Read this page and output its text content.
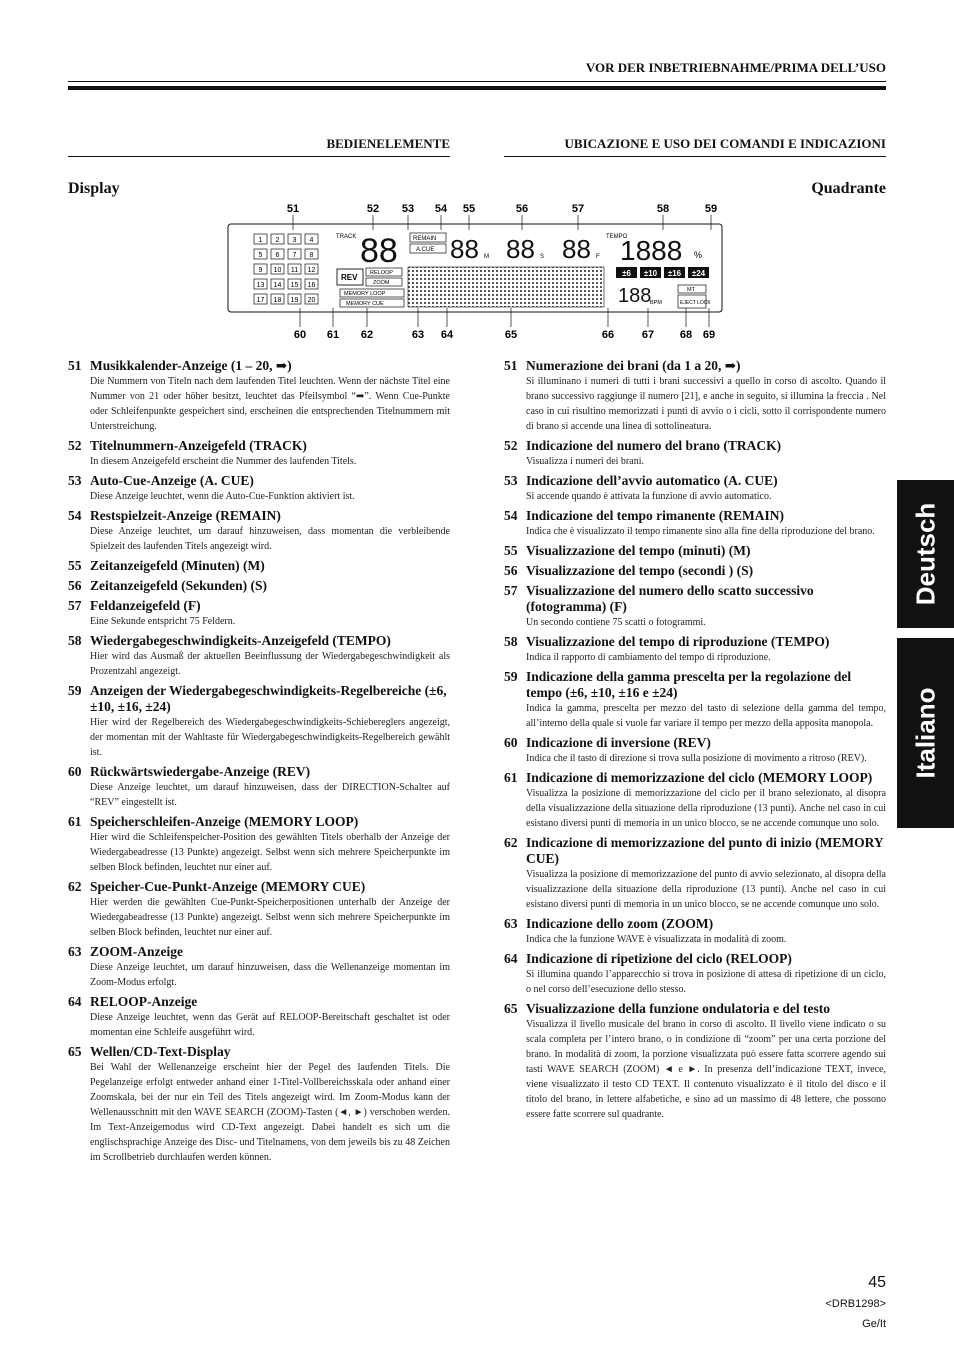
VOR DER INBETRIEBNAHME/PRIMA DELL’USO
BEDIENELEMENTE	UBICAZIONE E USO DEI COMANDI E INDICAZIONI
Display	Quadrante
1 2 3 4
5 6 7 8
9 10 11 12
13 14 15 16
17 18 19 20
TRACK 88	REMAIN
A.CUE 88 M 88 S 88 F
TEMPO
1888 %
REV RELOOP
ZOOM
MEMORY LOOP
MEMORY CUE
±6 ±10 ±16 ±24
188
BPM
MT
EJECT LOCK
51	52 53 54 55	56	57	58	59
60 61 62	63 64	65	66	67 68 69
51 Musikkalender-Anzeige (1 – 20, ➡)
Die Nummern von Titeln nach dem laufenden Titel leuchten. Wenn der nächste Titel eine Nummer von 21 oder höher besitzt, leuchtet das Pfeilsymbol “➡”. Wenn Cue-Punkte oder Schleifenpunkte gespeichert sind, erscheinen die entsprechenden Titelnummern mit Unterstreichung.
52 Titelnummern-Anzeigefeld (TRACK)
In diesem Anzeigefeld erscheint die Nummer des laufenden Titels.
53 Auto-Cue-Anzeige (A. CUE)
Diese Anzeige leuchtet, wenn die Auto-Cue-Funktion aktiviert ist.
54 Restspielzeit-Anzeige (REMAIN)
Diese Anzeige leuchtet, um darauf hinzuweisen, dass momentan die verbleibende Spielzeit des laufenden Titels angezeigt wird.
55 Zeitanzeigefeld (Minuten) (M)
56 Zeitanzeigefeld (Sekunden) (S)
57 Feldanzeigefeld (F)
Eine Sekunde entspricht 75 Feldern.
58 Wiedergabegeschwindigkeits-Anzeigefeld (TEMPO)
Hier wird das Ausmaß der aktuellen Beeinflussung der Wiedergabegeschwindigkeit als Prozentzahl angezeigt.
59 Anzeigen der Wiedergabegeschwindigkeits-Regelbereiche (±6, ±10, ±16, ±24)
Hier wird der Regelbereich des Wiedergabegeschwindigkeits-Schiebereglers angezeigt, der momentan mit der Wahltaste für Wiedergabegeschwindigkeits-Regelbereich gewählt ist.
60 Rückwärtswiedergabe-Anzeige (REV)
Diese Anzeige leuchtet, um darauf hinzuweisen, dass der DIRECTION-Schalter auf “REV” eingestellt ist.
61 Speicherschleifen-Anzeige (MEMORY LOOP)
Hier wird die Schleifenspeicher-Position des gewählten Titels oberhalb der Anzeige der Wiedergabeadresse (13 Punkte) angezeigt. Selbst wenn sich mehrere Speicherpunkte im selben Block befinden, leuchtet nur einer auf.
62 Speicher-Cue-Punkt-Anzeige (MEMORY CUE)
Hier werden die gewählten Cue-Punkt-Speicherpositionen unterhalb der Anzeige der Wiedergabeadresse (13 Punkte) angezeigt. Selbst wenn sich mehrere Speicherpunkte im selben Block befinden, leuchtet nur einer auf.
63 ZOOM-Anzeige
Diese Anzeige leuchtet, um darauf hinzuweisen, dass die Wellenanzeige momentan im Zoom-Modus erfolgt.
64 RELOOP-Anzeige
Diese Anzeige leuchtet, wenn das Gerät auf RELOOP-Bereitschaft geschaltet ist oder momentan eine Schleife ausgeführt wird.
65 Wellen/CD-Text-Display
Bei Wahl der Wellenanzeige erscheint hier der Pegel des laufenden Titels. Die Pegelanzeige erfolgt entweder anhand einer 1-Titel-Vollbereichsskala oder anhand einer Zoomskala, bei der nur ein Teil des Titels angezeigt wird. Im Zoom-Modus kann der Wellenausschnitt mit den WAVE SEARCH (ZOOM)-Tasten (◄, ►) verschoben werden. Im Text-Anzeigemodus wird CD-Text angezeigt. Dabei handelt es sich um die englischsprachige Anzeige des Disc- und Titelnamens, von dem jeweils bis zu 48 Zeichen im Scrollbetrieb durchlaufen werden können.
51 Numerazione dei brani (da 1 a 20, ➡)
Si illuminano i numeri di tutti i brani successivi a quello in corso di ascolto. Quando il brano successivo raggiunge il numero [21], e anche in seguito, si illumina la freccia . Nel caso in cui risultino memorizzati i punti di avvio o i cicli, sotto il corrispondente numero di brano si accende una linea di sottolineatura.
52 Indicazione del numero del brano (TRACK)
Visualizza i numeri dei brani.
53 Indicazione dell’avvio automatico (A. CUE)
Si accende quando è attivata la funzione di avvio automatico.
54 Indicazione del tempo rimanente (REMAIN)
Indica che è visualizzato il tempo rimanente sino alla fine della riproduzione del brano.
55 Visualizzazione del tempo (minuti) (M)
56 Visualizzazione del tempo (secondi ) (S)
57 Visualizzazione del numero dello scatto successivo (fotogramma) (F)
Un secondo contiene 75 scatti o fotogrammi.
58 Visualizzazione del tempo di riproduzione (TEMPO)
Indica il rapporto di cambiamento del tempo di riproduzione.
59 Indicazione della gamma prescelta per la regolazione del tempo (±6, ±10, ±16 e ±24)
Indica la gamma, prescelta per mezzo del tasto di selezione della gamma del tempo, all’interno della quale si vuole far variare il tempo per mezzo della apposita manopola.
60 Indicazione di inversione (REV)
Indica che il tasto di direzione si trova sulla posizione di movimento a ritroso (REV).
61 Indicazione di memorizzazione del ciclo (MEMORY LOOP)
Visualizza la posizione di memorizzazione del ciclo per il brano selezionato, al disopra della visualizzazione della situazione della riproduzione (13 punti). Anche nel caso in cui esistano diversi punti di memoria in un unico blocco, se ne accende comunque uno solo.
62 Indicazione di memorizzazione del punto di inizio (MEMORY CUE)
Visualizza la posizione di memorizzazione del punto di avvio selezionato, al disopra della visualizzazione della situazione della riproduzione (13 punti). Anche nel caso in cui esistano diversi punti di memoria in un unico blocco, se ne accende comunque uno solo.
63 Indicazione dello zoom (ZOOM)
Indica che la funzione WAVE è visualizzata in modalità di zoom.
64 Indicazione di ripetizione del ciclo (RELOOP)
Si illumina quando l’apparecchio si trova in posizione di attesa di ripetizione di un ciclo, o nel corso dell’esecuzione dello stesso.
65 Visualizzazione della funzione ondulatoria e del testo
Visualizza il livello musicale del brano in corso di ascolto. Il livello viene indicato o su scala completa per l’intero brano, o in condizione di “zoom” per una certa porzione del brano. In modalità di zoom, la porzione visualizzata può essere fatta scorrere agendo sui tasti WAVE SEARCH (ZOOM) ◄ e ►. In presenza dell’indicazione TEXT, invece, viene visualizzato il testo CD TEXT. Il contenuto visualizzato è il titolo del disco e il titolo del brano, in lettere alfabetiche, e sino ad un massimo di 48 lettere, che possono essere fatte scorrere sul quadrante.
Deutsch
Italiano
45
<DRB1298>
Ge/It
